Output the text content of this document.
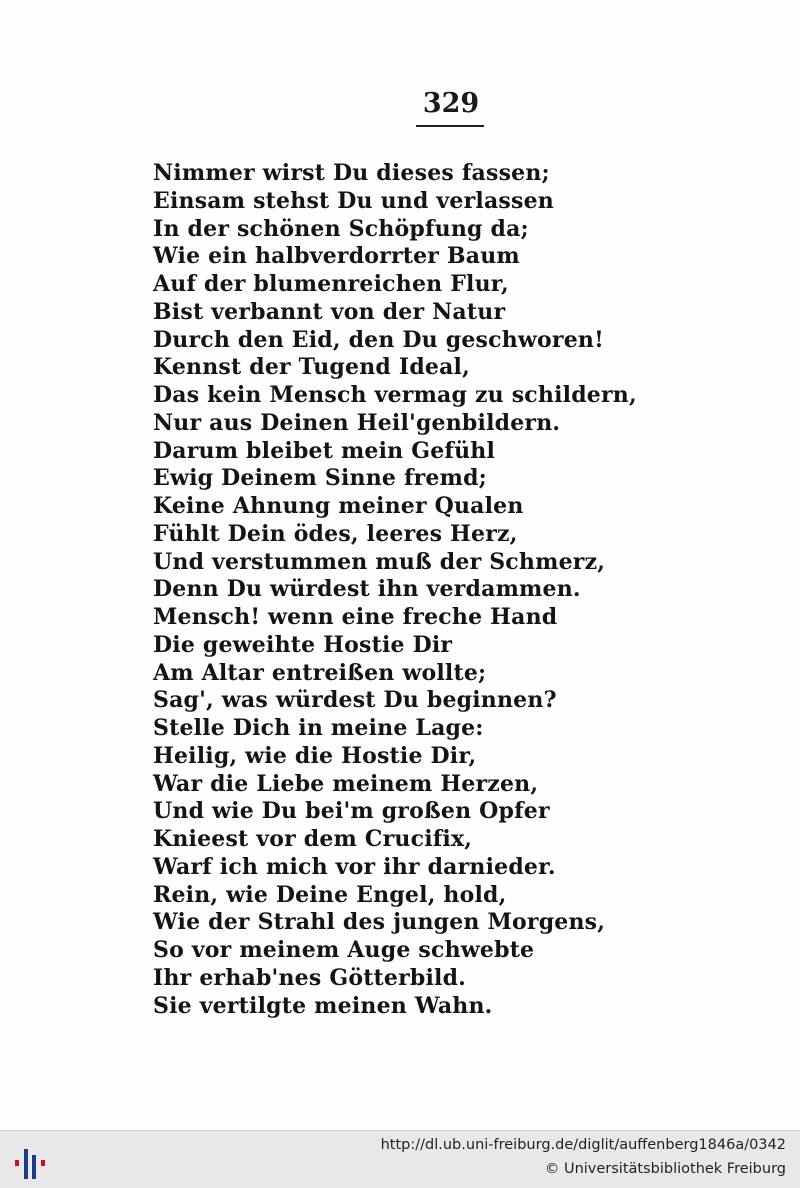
329
Nimmer wirst Du dieses fassen;
Einsam stehst Du und verlassen
In der schönen Schöpfung da;
Wie ein halbverdorrter Baum
Auf der blumenreichen Flur,
Bist verbannt von der Natur
Durch den Eid, den Du geschworen!
Kennst der Tugend Ideal,
Das kein Mensch vermag zu schildern,
Nur aus Deinen Heil'genbildern.
Darum bleibet mein Gefühl
Ewig Deinem Sinne fremd;
Keine Ahnung meiner Qualen
Fühlt Dein ödes, leeres Herz,
Und verstummen muß der Schmerz,
Denn Du würdest ihn verdammen.
Mensch! wenn eine freche Hand
Die geweihte Hostie Dir
Am Altar entreißen wollte;
Sag', was würdest Du beginnen?
Stelle Dich in meine Lage:
Heilig, wie die Hostie Dir,
War die Liebe meinem Herzen,
Und wie Du bei'm großen Opfer
Knieest vor dem Crucifix,
Warf ich mich vor ihr darnieder.
Rein, wie Deine Engel, hold,
Wie der Strahl des jungen Morgens,
So vor meinem Auge schwebte
Ihr erhab'nes Götterbild.
Sie vertilgte meinen Wahn.
http://dl.ub.uni-freiburg.de/diglit/auffenberg1846a/0342
© Universitätsbibliothek Freiburg
